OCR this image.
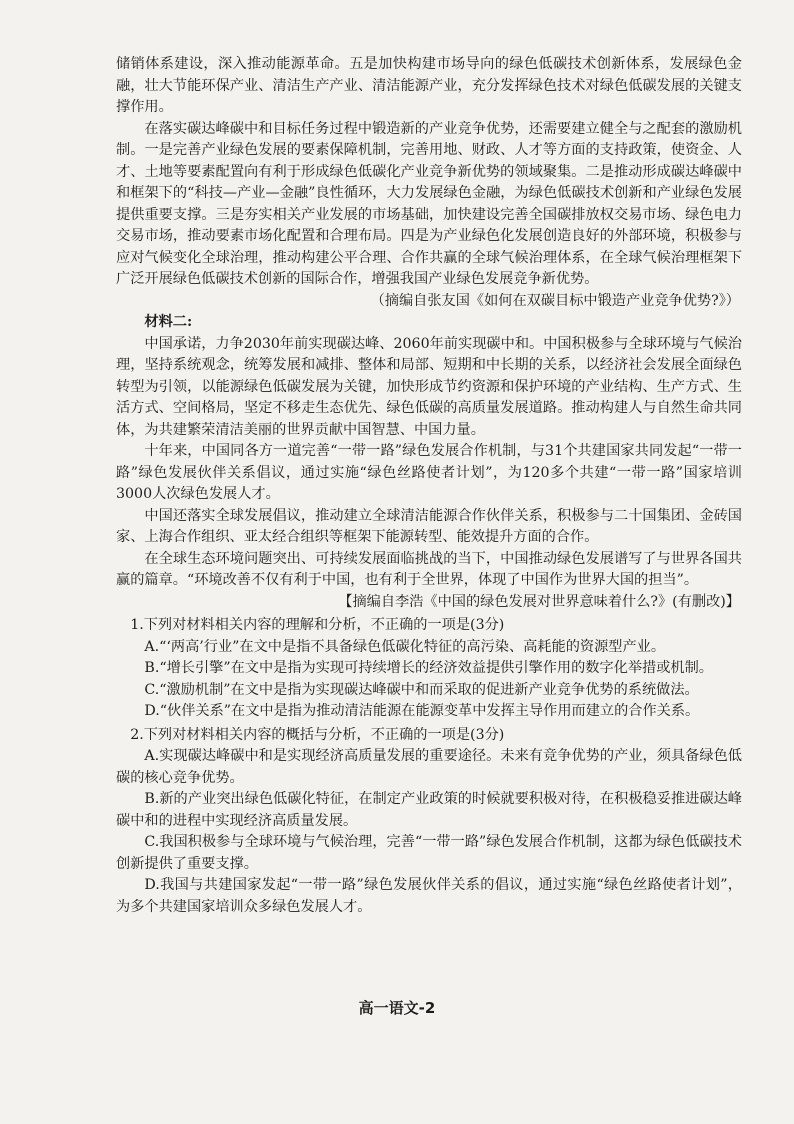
储销体系建设，深入推动能源革命。五是加快构建市场导向的绿色低碳技术创新体系，发展绿色金融，壮大节能环保产业、清洁生产产业、清洁能源产业，充分发挥绿色技术对绿色低碳发展的关键支撑作用。

在落实碳达峰碳中和目标任务过程中锻造新的产业竞争优势，还需要建立健全与之配套的激励机制。一是完善产业绿色发展的要素保障机制，完善用地、财政、人才等方面的支持政策，使资金、人才、土地等要素配置向有利于形成绿色低碳化产业竞争新优势的领域聚集。二是推动形成碳达峰碳中和框架下的“科技—产业—金融”良性循环，大力发展绿色金融，为绿色低碳技术创新和产业绿色发展提供重要支撑。三是夯实相关产业发展的市场基础，加快建设完善全国碳排放权交易市场、绿色电力交易市场，推动要素市场化配置和合理布局。四是为产业绿色化发展创造良好的外部环境，积极参与应对气候变化全球治理，推动构建公平合理、合作共赢的全球气候治理体系，在全球气候治理框架下广泛开展绿色低碳技术创新的国际合作，增强我国产业绿色发展竞争新优势。

（摘编自张友国《如何在双碳目标中锻造产业竞争优势?》）

材料二:

中国承诺，力争2030年前实现碳达峰、2060年前实现碳中和。中国积极参与全球环境与气候治理，坚持系统观念，统筹发展和减排、整体和局部、短期和中长期的关系，以经济社会发展全面绿色转型为引领，以能源绿色低碳发展为关键，加快形成节约资源和保护环境的产业结构、生产方式、生活方式、空间格局，坚定不移走生态优先、绿色低碳的高质量发展道路。推动构建人与自然生命共同体，为共建繁荣清洁美丽的世界贡献中国智慧、中国力量。

十年来，中国同各方一道完善“一带一路”绿色发展合作机制，与31个共建国家共同发起“一带一路”绿色发展伙伴关系倡议，通过实施“绿色丝路使者计划”，为120多个共建“一带一路”国家培训3000人次绿色发展人才。

中国还落实全球发展倡议，推动建立全球清洁能源合作伙伴关系，积极参与二十国集团、金砖国家、上海合作组织、亚太经合组织等框架下能源转型、能效提升方面的合作。

在全球生态环境问题突出、可持续发展面临挑战的当下，中国推动绿色发展谱写了与世界各国共赢的篇章。“环境改善不仅有利于中国，也有利于全世界，体现了中国作为世界大国的担当”。

【摘编自李浩《中国的绿色发展对世界意味着什么?》(有删改)】

1.下列对材料相关内容的理解和分析，不正确的一项是(3分)

A.“‘两高’行业”在文中是指不具备绿色低碳化特征的高污染、高耗能的资源型产业。

B.“增长引擎”在文中是指为实现可持续增长的经济效益提供引擎作用的数字化举措或机制。

C.“激励机制”在文中是指为实现碳达峰碳中和而采取的促进新产业竞争优势的系统做法。

D.“伙伴关系”在文中是指为推动清洁能源在能源变革中发挥主导作用而建立的合作关系。

2.下列对材料相关内容的概括与分析，不正确的一项是(3分)

A.实现碳达峰碳中和是实现经济高质量发展的重要途径。未来有竞争优势的产业，须具备绿色低碳的核心竞争优势。

B.新的产业突出绿色低碳化特征，在制定产业政策的时候就要积极对待，在积极稳妥推进碳达峰碳中和的进程中实现经济高质量发展。

C.我国积极参与全球环境与气候治理，完善“一带一路”绿色发展合作机制，这都为绿色低碳技术创新提供了重要支撑。

D.我国与共建国家发起“一带一路”绿色发展伙伴关系的倡议，通过实施“绿色丝路使者计划”，为多个共建国家培训众多绿色发展人才。

高一语文-2
